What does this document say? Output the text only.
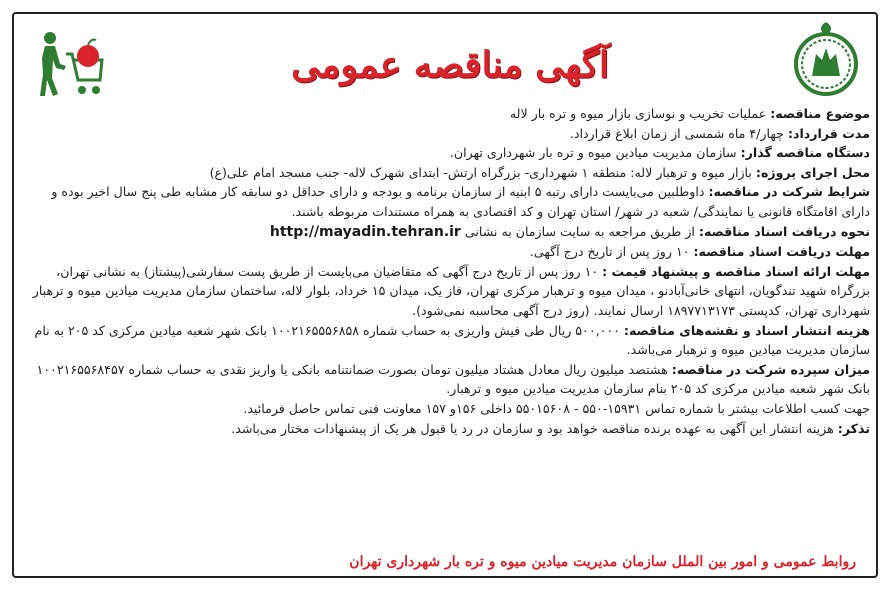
آگهی مناقصه عمومی
موضوع مناقصه: عملیات تخریب و نوسازی بازار میوه و تره بار لاله
مدت قرارداد: چهار/۴ ماه شمسی از زمان ابلاغ قرارداد.
دستگاه مناقصه گذار: سازمان مدیریت میادین میوه و تره بار شهرداری تهران.
محل اجرای پروژه: بازار میوه و ترهبار لاله: منطقه ۱ شهرداری- بزرگراه ارتش- ابتدای شهرک لاله- جنب مسجد امام علی(ع)
شرایط شرکت در مناقصه: داوطلبین می‌بایست دارای رتبه ۵ ابنیه از سازمان برنامه و بودجه و دارای حداقل دو سابقه کار مشابه طی پنج سال اخیر بوده و دارای اقامتگاه قانونی یا نمایندگی/ شعبه در شهر/ استان تهران و کد اقتصادی به همراه مستندات مربوطه باشند.
نحوه دریافت اسناد مناقصه: از طریق مراجعه به سایت سازمان به نشانی http://mayadin.tehran.ir
مهلت دریافت اسناد مناقصه: ۱۰ روز پس از تاریخ درج آگهی.
مهلت ارائه اسناد مناقصه و پیشنهاد قیمت : ۱۰ روز پس از تاریخ درج آگهی که متقاضیان می‌بایست از طریق پست سفارشی(پیشتاز) به نشانی تهران، بزرگراه شهید تندگویان، انتهای خانی‌آبادنو ، میدان میوه و ترهبار مرکزی تهران، فاز یک، میدان ۱۵ خرداد، بلوار لاله، ساختمان سازمان مدیریت میادین میوه و ترهبار شهرداری تهران، کدپستی ۱۸۹۷۷۱۳۱۷۳ ارسال نمایند. (روز درج آگهی محاسبه نمی‌شود).
هزینه انتشار اسناد و نقشه‌های مناقصه: ۵۰۰,۰۰۰ ریال طی فیش واریزی به حساب شماره ۱۰۰۲۱۶۵۵۵۶۸۵۸ بانک شهر شعبه میادین مرکزی کد ۲۰۵ به نام سازمان مدیریت میادین میوه و ترهبار می‌باشد.
میزان سپرده شرکت در مناقصه: هشتصد میلیون ریال معادل هشتاد میلیون تومان بصورت ضمانتنامه بانکی یا واریز نقدی به حساب شماره ۱۰۰۲۱۶۵۵۶۸۴۵۷ بانک شهر شعبه میادین مرکزی کد ۲۰۵ بنام سازمان مدیریت میادین میوه و ترهبار.
جهت کسب اطلاعات بیشتر با شماره تماس ۱۵۹۳۱-۵۵۰ - ۵۵۰۱۵۶۰۸ داخلی ۱۵۶و ۱۵۷ معاونت فنی تماس حاصل فرمائید.
تذکر: هزینه انتشار این آگهی به عهده برنده مناقصه خواهد بود و سازمان در رد یا قبول هر یک از پیشنهادات مختار می‌باشد.
روابط عمومی و امور بین الملل سازمان مدیریت میادین میوه و تره بار شهرداری تهران
